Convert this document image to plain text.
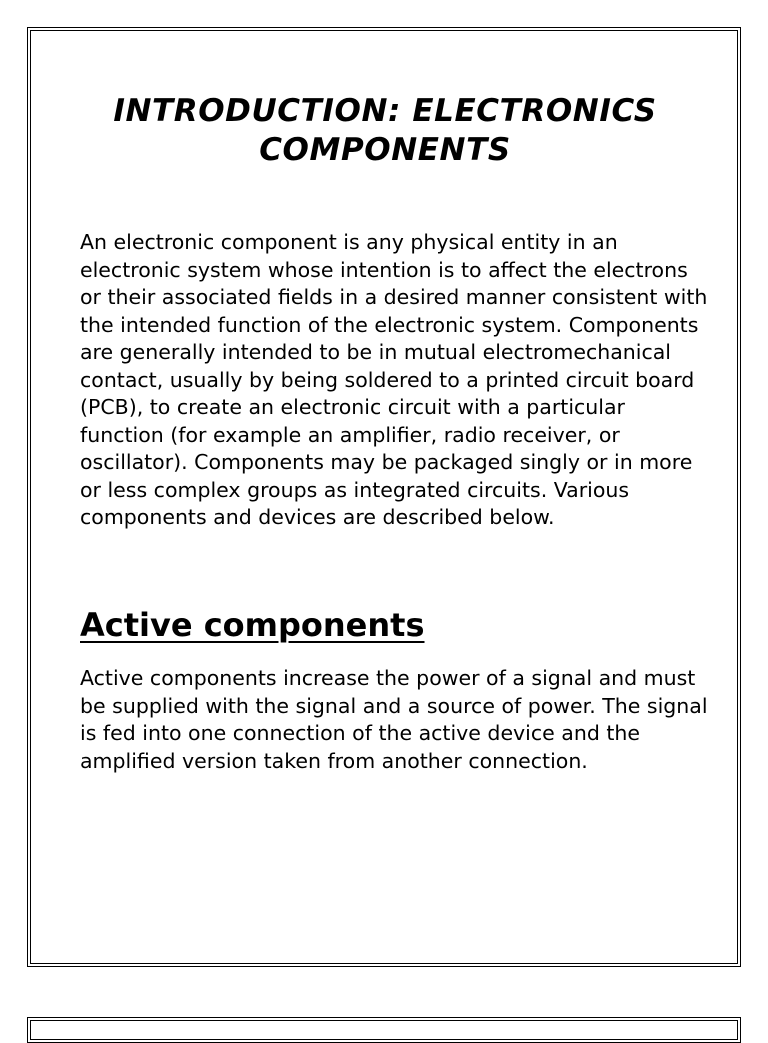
INTRODUCTION: ELECTRONICS COMPONENTS

An electronic component is any physical entity in an electronic system whose intention is to affect the electrons or their associated fields in a desired manner consistent with the intended function of the electronic system. Components are generally intended to be in mutual electromechanical contact, usually by being soldered to a printed circuit board (PCB), to create an electronic circuit with a particular function (for example an amplifier, radio receiver, or oscillator). Components may be packaged singly or in more or less complex groups as integrated circuits. Various components and devices are described below.

Active components

Active components increase the power of a signal and must be supplied with the signal and a source of power. The signal is fed into one connection of the active device and the amplified version taken from another connection.
